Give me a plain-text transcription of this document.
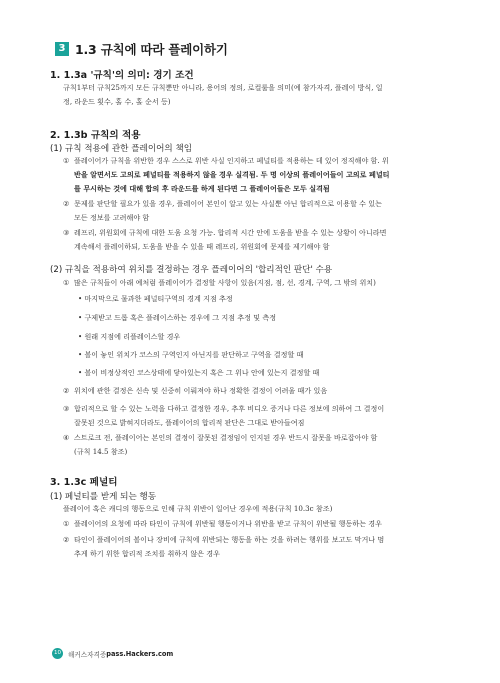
3 1.3 규칙에 따라 플레이하기
1. 1.3a '규칙'의 의미: 경기 조건
규칙1부터 규칙25까지 모든 규칙뿐만 아니라, 용어의 정의, 로컬룰을 의미(예 참가자격, 플레이 방식, 일
정, 라운드 횟수, 홀 수, 홀 순서 등)
2. 1.3b 규칙의 적용
(1) 규칙 적용에 관한 플레이어의 책임
① 플레이어가 규칙을 위반한 경우 스스로 위반 사실 인지하고 페널티를 적용하는 데 있어 정직해야 함. 위
반을 알면서도 고의로 페널티를 적용하지 않을 경우 실격됨. 두 명 이상의 플레이어들이 고의로 페널티
를 무시하는 것에 대해 합의 후 라운드를 하게 된다면 그 플레이어들은 모두 실격됨
② 문제를 판단할 필요가 있을 경우, 플레이어 본인이 알고 있는 사실뿐 아닌 합리적으로 이용할 수 있는
모든 정보를 고려해야 함
③ 레프리, 위원회에 규칙에 대한 도움 요청 가능. 합리적 시간 안에 도움을 받을 수 있는 상황이 아니라면
계속해서 플레이하되, 도움을 받을 수 있을 때 레프리, 위원회에 문제를 제기해야 함
(2) 규칙을 적용하여 위치를 결정하는 경우 플레이어의 '합리적인 판단' 수용
① 많은 규칙들이 아래 예처럼 플레이어가 결정할 사항이 있음(지점, 점, 선, 경계, 구역, 그 밖의 위치)
• 마지막으로 물과한 페널티구역의 경계 지점 추정
• 구제받고 드롭 혹은 플레이스하는 경우에 그 지점 추정 및 측정
• 원래 지점에 리플레이스할 경우
• 볼이 놓인 위치가 코스의 구역인지 아닌지를 판단하고 구역을 결정할 때
• 볼이 비정상적인 코스상태에 닿아있는지 혹은 그 위나 안에 있는지 결정할 때
② 위치에 관한 결정은 신속 및 신중히 이뤄져야 하나 정확한 결정이 어려울 때가 있음
③ 합리적으로 할 수 있는 노력을 다하고 결정한 경우, 추후 비디오 증거나 다른 정보에 의하여 그 결정이
잘못된 것으로 밝혀지더라도, 플레이어의 합리적 판단은 그대로 받아들여짐
④ 스트로크 전, 플레이어는 본인의 결정이 잘못된 결정임이 인지된 경우 반드시 잘못을 바로잡아야 함
(규칙 14.5 참조)
3. 1.3c 페널티
(1) 페널티를 받게 되는 행동
플레이어 혹은 캐디의 행동으로 인해 규칙 위반이 일어난 경우에 적용(규칙 10.3c 참조)
① 플레이어의 요청에 따라 타인이 규칙에 위반될 행동이거나 위반을 받고 규칙이 위반될 행동하는 경우
② 타인이 플레이어의 볼이나 장비에 규칙에 위반되는 행동을 하는 것을 하려는 행위를 보고도 막거나 멈
추게 하기 위한 합리적 조치를 취하지 않은 경우
10	해커스자격증 pass.Hackers.com
